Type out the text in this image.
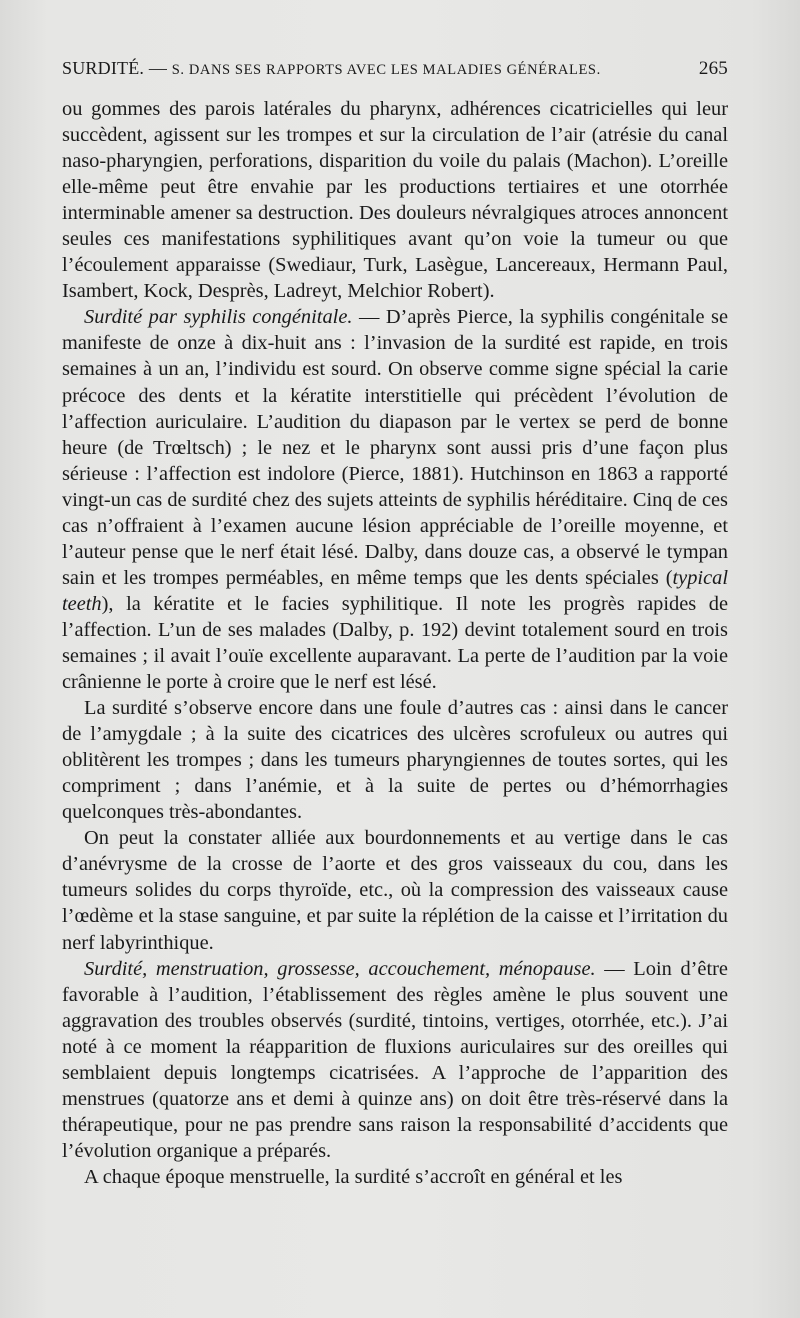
SURDITÉ. — S. DANS SES RAPPORTS AVEC LES MALADIES GÉNÉRALES.	265

ou gommes des parois latérales du pharynx, adhérences cicatricielles qui leur succèdent, agissent sur les trompes et sur la circulation de l’air (atrésie du canal naso-pharyngien, perforations, disparition du voile du palais (Machon). L’oreille elle-même peut être envahie par les productions tertiaires et une otorrhée interminable amener sa destruction. Des douleurs névralgiques atroces annoncent seules ces manifestations syphilitiques avant qu’on voie la tumeur ou que l’écoulement apparaisse (Swediaur, Turk, Lasègue, Lancereaux, Hermann Paul, Isambert, Kock, Desprès, Ladreyt, Melchior Robert).

Surdité par syphilis congénitale. — D’après Pierce, la syphilis congénitale se manifeste de onze à dix-huit ans : l’invasion de la surdité est rapide, en trois semaines à un an, l’individu est sourd. On observe comme signe spécial la carie précoce des dents et la kératite interstitielle qui précèdent l’évolution de l’affection auriculaire. L’audition du diapason par le vertex se perd de bonne heure (de Trœltsch) ; le nez et le pharynx sont aussi pris d’une façon plus sérieuse : l’affection est indolore (Pierce, 1881). Hutchinson en 1863 a rapporté vingt-un cas de surdité chez des sujets atteints de syphilis héréditaire. Cinq de ces cas n’offraient à l’examen aucune lésion appréciable de l’oreille moyenne, et l’auteur pense que le nerf était lésé. Dalby, dans douze cas, a observé le tympan sain et les trompes perméables, en même temps que les dents spéciales (typical teeth), la kératite et le facies syphilitique. Il note les progrès rapides de l’affection. L’un de ses malades (Dalby, p. 192) devint totalement sourd en trois semaines ; il avait l’ouïe excellente auparavant. La perte de l’audition par la voie crânienne le porte à croire que le nerf est lésé.

La surdité s’observe encore dans une foule d’autres cas : ainsi dans le cancer de l’amygdale ; à la suite des cicatrices des ulcères scrofuleux ou autres qui oblitèrent les trompes ; dans les tumeurs pharyngiennes de toutes sortes, qui les compriment ; dans l’anémie, et à la suite de pertes ou d’hémorrhagies quelconques très-abondantes.

On peut la constater alliée aux bourdonnements et au vertige dans le cas d’anévrysme de la crosse de l’aorte et des gros vaisseaux du cou, dans les tumeurs solides du corps thyroïde, etc., où la compression des vaisseaux cause l’œdème et la stase sanguine, et par suite la réplétion de la caisse et l’irritation du nerf labyrinthique.

Surdité, menstruation, grossesse, accouchement, ménopause. — Loin d’être favorable à l’audition, l’établissement des règles amène le plus souvent une aggravation des troubles observés (surdité, tintoins, vertiges, otorrhée, etc.). J’ai noté à ce moment la réapparition de fluxions auriculaires sur des oreilles qui semblaient depuis longtemps cicatrisées. A l’approche de l’apparition des menstrues (quatorze ans et demi à quinze ans) on doit être très-réservé dans la thérapeutique, pour ne pas prendre sans raison la responsabilité d’accidents que l’évolution organique a préparés.

A chaque époque menstruelle, la surdité s’accroît en général et les
